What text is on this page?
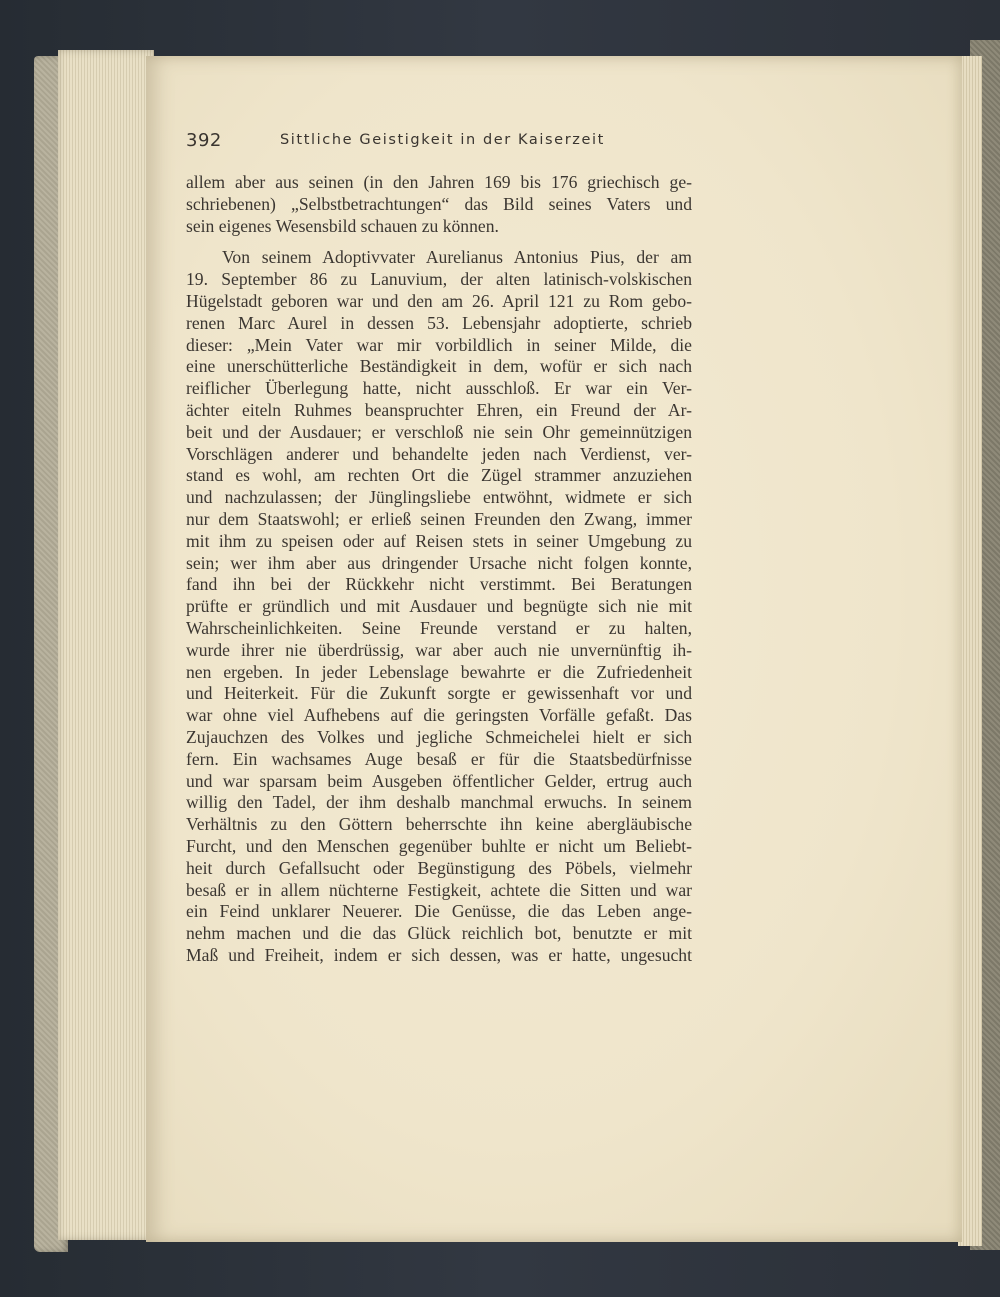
392	Sittliche Geistigkeit in der Kaiserzeit
allem aber aus seinen (in den Jahren 169 bis 176 griechisch ge-
schriebenen) „Selbstbetrachtungen“ das Bild seines Vaters und
sein eigenes Wesensbild schauen zu können.
Von seinem Adoptivvater Aurelianus Antonius Pius, der am
19. September 86 zu Lanuvium, der alten latinisch-volskischen
Hügelstadt geboren war und den am 26. April 121 zu Rom gebo-
renen Marc Aurel in dessen 53. Lebensjahr adoptierte, schrieb
dieser: „Mein Vater war mir vorbildlich in seiner Milde, die
eine unerschütterliche Beständigkeit in dem, wofür er sich nach
reiflicher Überlegung hatte, nicht ausschloß. Er war ein Ver-
ächter eiteln Ruhmes beanspruchter Ehren, ein Freund der Ar-
beit und der Ausdauer; er verschloß nie sein Ohr gemeinnützigen
Vorschlägen anderer und behandelte jeden nach Verdienst, ver-
stand es wohl, am rechten Ort die Zügel strammer anzuziehen
und nachzulassen; der Jünglingsliebe entwöhnt, widmete er sich
nur dem Staatswohl; er erließ seinen Freunden den Zwang, immer
mit ihm zu speisen oder auf Reisen stets in seiner Umgebung zu
sein; wer ihm aber aus dringender Ursache nicht folgen konnte,
fand ihn bei der Rückkehr nicht verstimmt. Bei Beratungen
prüfte er gründlich und mit Ausdauer und begnügte sich nie mit
Wahrscheinlichkeiten. Seine Freunde verstand er zu halten,
wurde ihrer nie überdrüssig, war aber auch nie unvernünftig ih-
nen ergeben. In jeder Lebenslage bewahrte er die Zufriedenheit
und Heiterkeit. Für die Zukunft sorgte er gewissenhaft vor und
war ohne viel Aufhebens auf die geringsten Vorfälle gefaßt. Das
Zujauchzen des Volkes und jegliche Schmeichelei hielt er sich
fern. Ein wachsames Auge besaß er für die Staatsbedürfnisse
und war sparsam beim Ausgeben öffentlicher Gelder, ertrug auch
willig den Tadel, der ihm deshalb manchmal erwuchs. In seinem
Verhältnis zu den Göttern beherrschte ihn keine abergläubische
Furcht, und den Menschen gegenüber buhlte er nicht um Beliebt-
heit durch Gefallsucht oder Begünstigung des Pöbels, vielmehr
besaß er in allem nüchterne Festigkeit, achtete die Sitten und war
ein Feind unklarer Neuerer. Die Genüsse, die das Leben ange-
nehm machen und die das Glück reichlich bot, benutzte er mit
Maß und Freiheit, indem er sich dessen, was er hatte, ungesucht
